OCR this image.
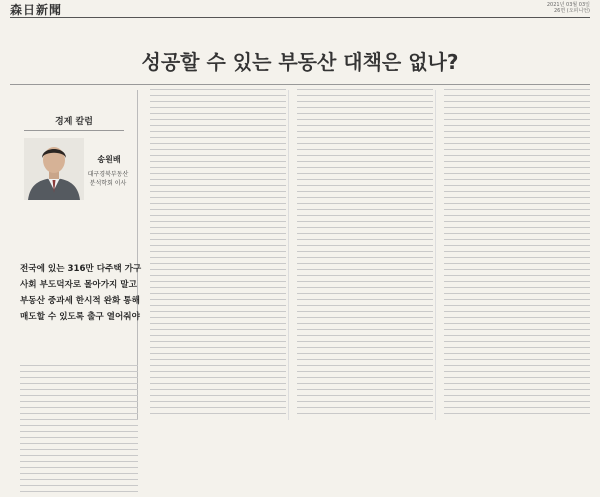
森日新聞	2021년 03월 03일
26면 (오피니언)
성공할 수 있는 부동산 대책은 없나?
경제 칼럼
송원배
대구경북부동산
분석학회 이사
전국에 있는 316만 다주택 가구
사회 부도덕자로 몰아가지 말고
부동산 중과세 한시적 완화 통해
매도할 수 있도록 출구 열어줘야
